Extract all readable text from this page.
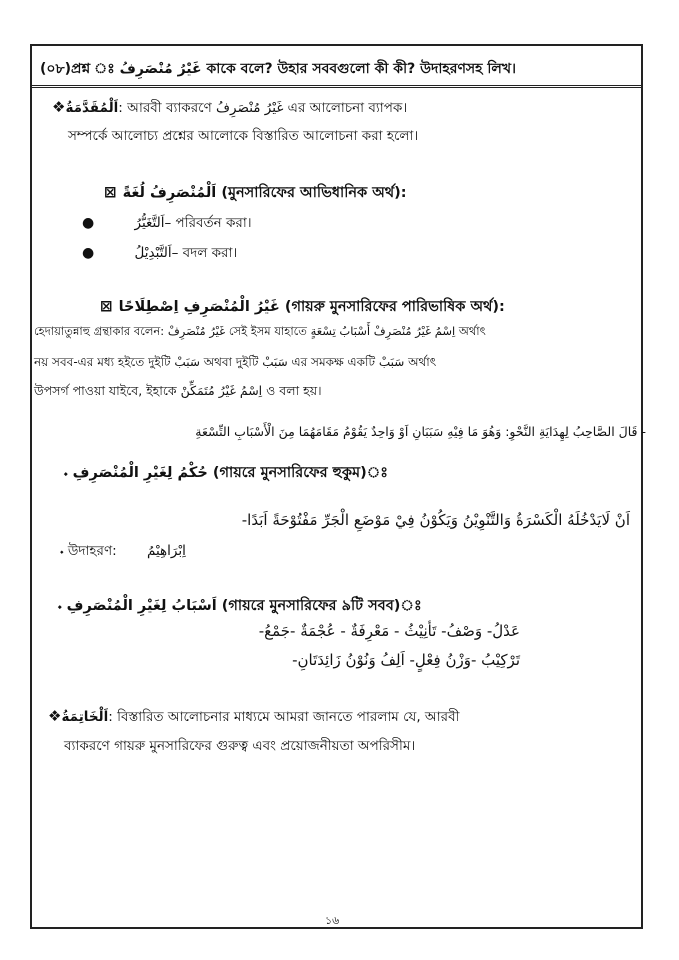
(০৮)প্রশ্ন ঃ غَيْرُ مُنْصَرِفُ কাকে বলে? উহার সববগুলো কী কী? উদাহরণসহ লিখ।
❖اَلْمُقَدَّمَةُ: আরবী ব্যাকরণে غَيْرُ مُنْصَرِفُ এর আলোচনা ব্যাপক।
সম্পর্কে আলোচ্য প্রশ্নের আলোকে বিস্তারিত আলোচনা করা হলো।
⊠ اَلْمُنْصَرِفُ لُغَةً (মুনসারিফের আভিধানিক অর্থ):
●	اَلتَّغَيُّرُ– পরিবর্তন করা।
●	اَلتَّبْدِيْلُ– বদল করা।
⊠ غَيْرُ الْمُنْصَرِفِ اِصْطِلَاحًا (গায়রু মুনসারিফের পারিভাষিক অর্থ):
হেদায়াতুন্নাহু গ্রন্থাকার বলেন: غَيْرُ مُنْصَرِفْ সেই ইসম যাহাতে اِسْمُ غَيْرُ مُنْصَرِفْ أَسْبَابُ تِسْعَةٍ অর্থাৎ
নয় সবব-এর মধ্য হইতে দুইটি سَبَبْ অথবা দুইটি سَبَبْ এর সমকক্ষ একটি سَبَبْ অর্থাৎ
উপসর্গ পাওয়া যাইবে, ইহাকে اِسْمُ غَيْرُ مُتَمَكِّنْ ও বলা হয়।
- قَالَ الصَّاحِبُ لِهِدَايَةِ النَّحْوِ: وَهُوَ مَا فِيْهِ سَبَبَانِ اَوْ وَاحِدٌ يَقُوْمُ مَقَامَهُمَا مِنَ الْأَسْبَابِ التِّسْعَةِ
⬩ حُكْمُ لِغَيْرِ الْمُنْصَرِفِ (গায়রে মুনসারিফের হুকুম)ঃ
اَنْ لَايَدْخُلَهُ الْكَسْرَةُ وَالتَّنْوِيْنُ وَيَكُوْنُ فِيْ مَوْضَعِ الْجَرِّ مَفْتُوْحَةً اَبَدًا-
⬩ উদাহরণ: اِبْرَاهِيْمُ
⬩ اَسْبَابُ لِغَيْرِ الْمُنْصَرِفِ (গায়রে মুনসারিফের ৯টি সবব)ঃ
عَدْلُ- وَصْفُ- تَأنِيْثُ - مَعْرِفَةٌ - عُجْمَةٌ -جَمْعُ-
تَرْكِيْبُ -وَزْنُ فِعْلٍ- اَلِفُ وَنُوْنُ زَائِدَتَانِ-
❖اَلْخَاتِمَةُ: বিস্তারিত আলোচনার মাধ্যমে আমরা জানতে পারলাম যে, আরবী
ব্যাকরণে গায়রু মুনসারিফের গুরুত্ব এবং প্রয়োজনীয়তা অপরিসীম।
১৬
